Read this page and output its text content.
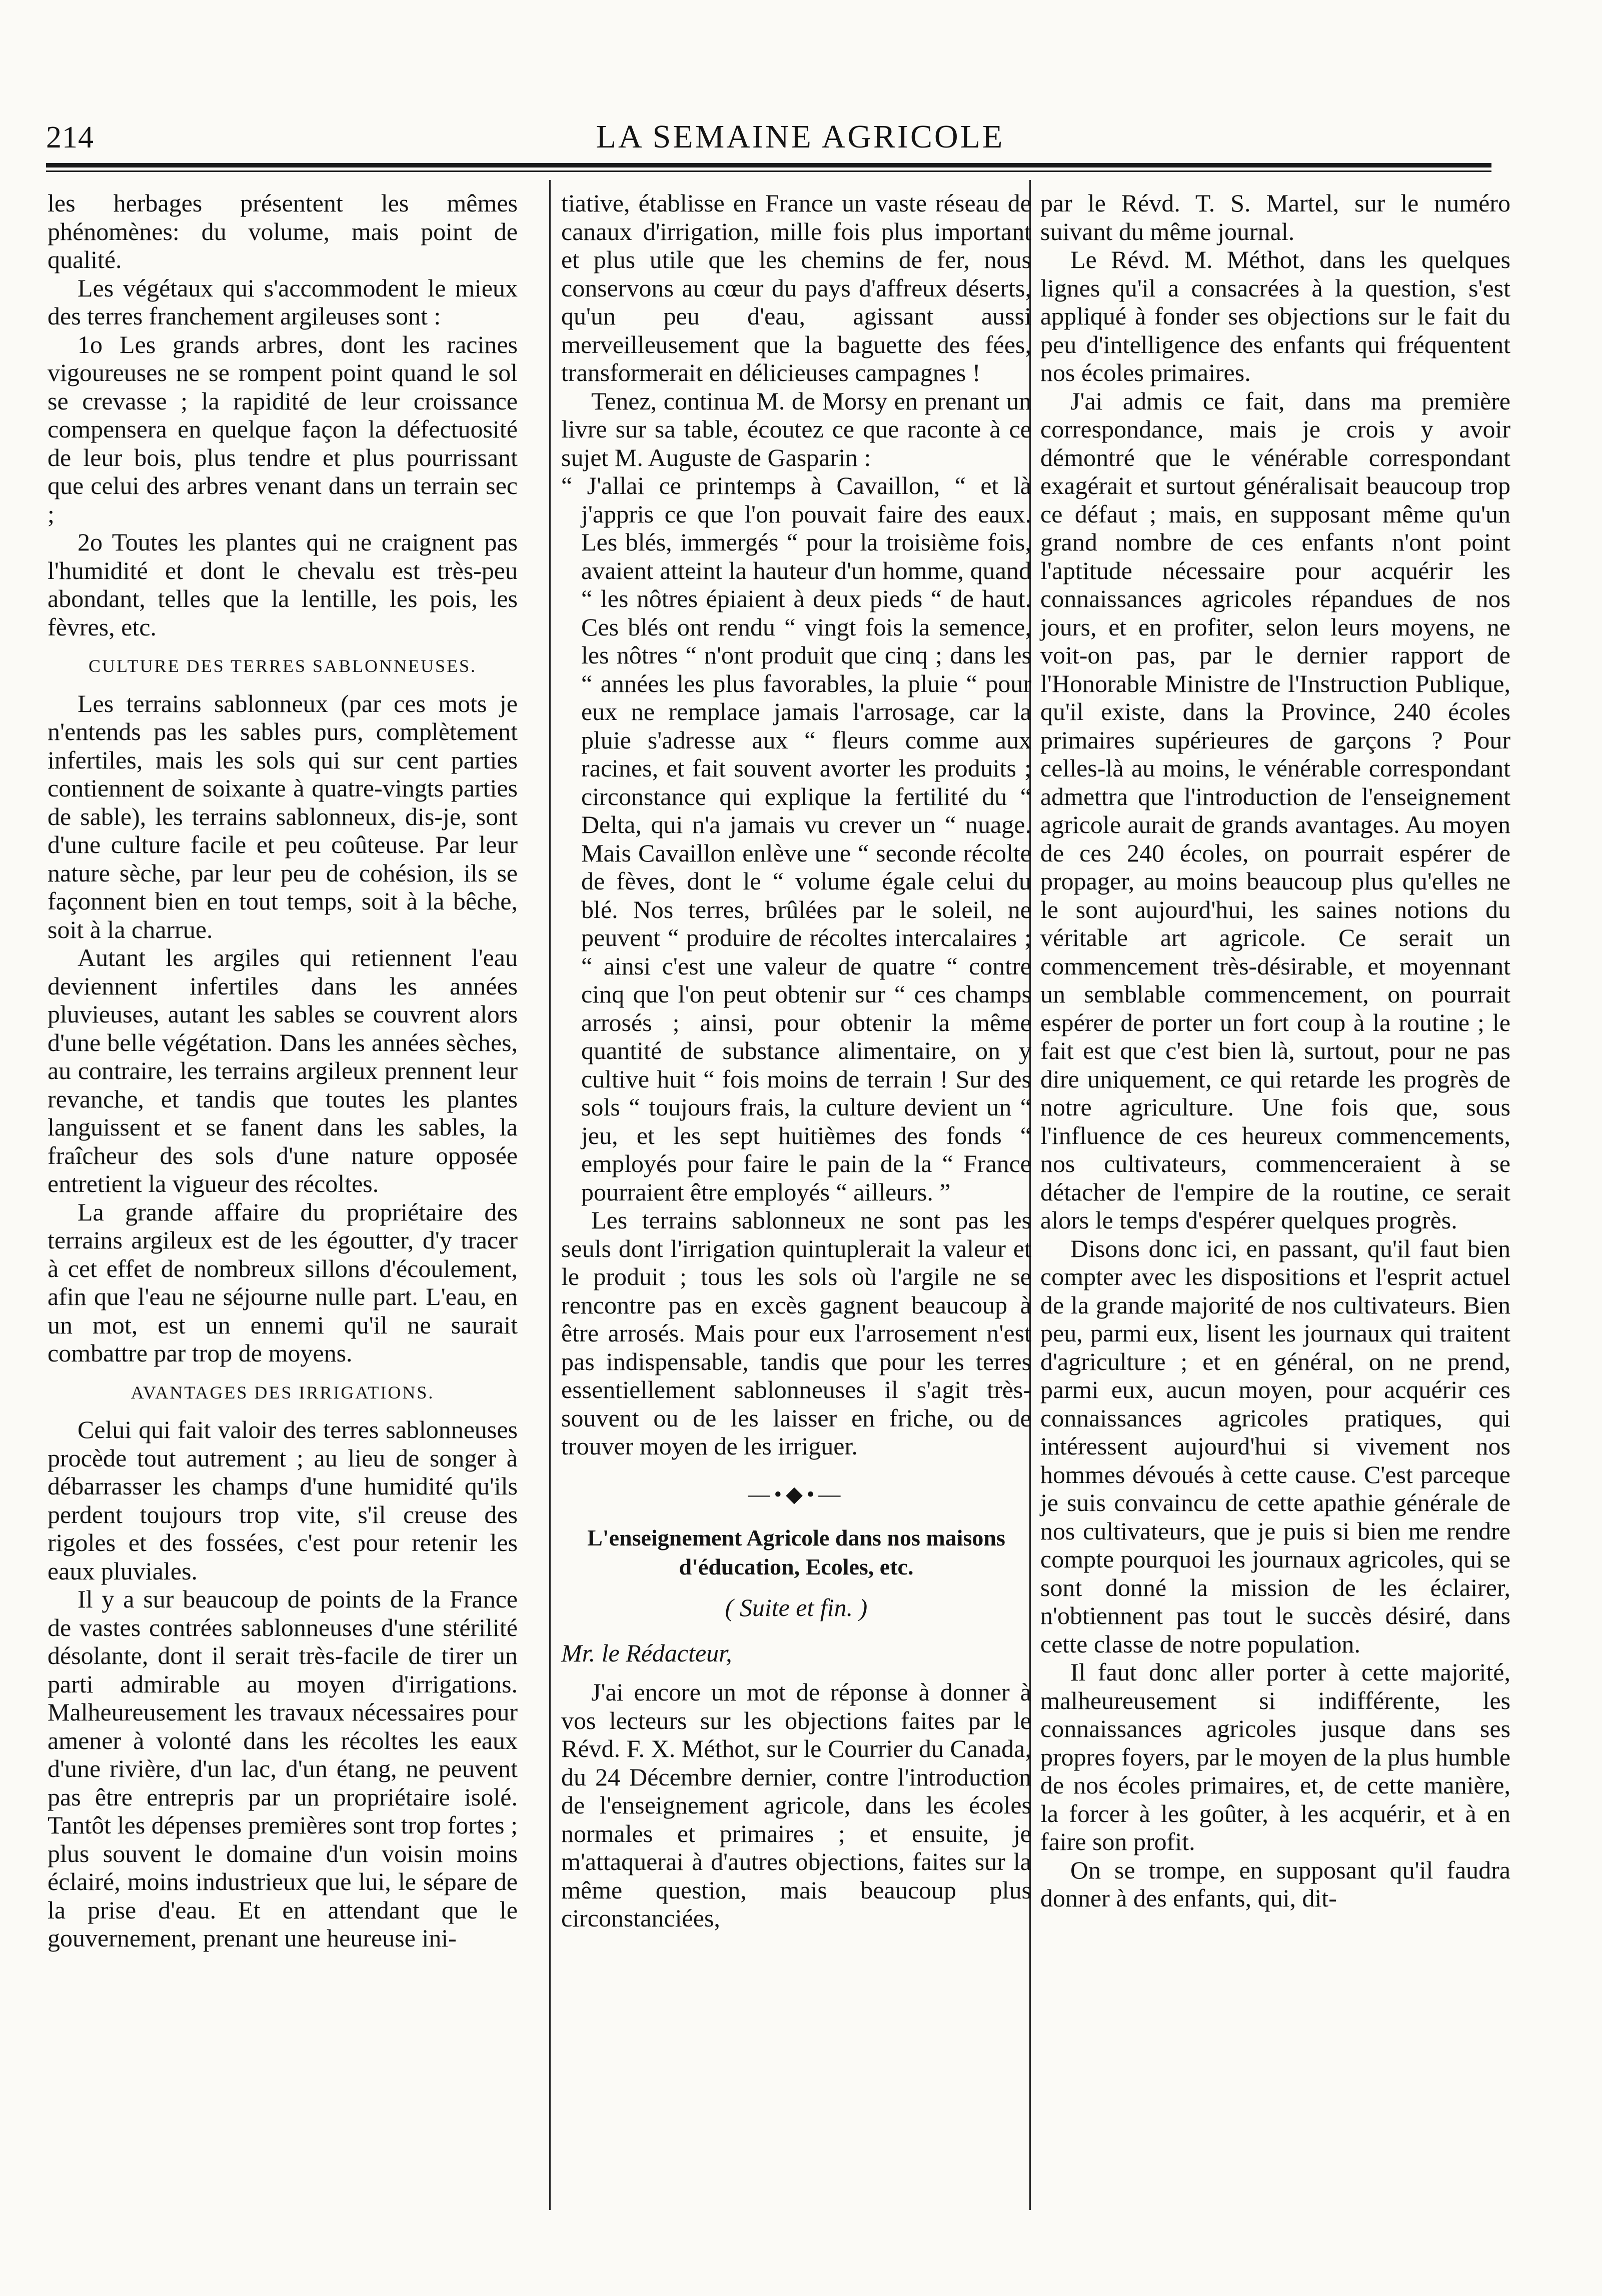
214	LA SEMAINE AGRICOLE

les herbages présentent les mêmes phénomènes: du volume, mais point de qualité.

Les végétaux qui s'accommodent le mieux des terres franchement argileuses sont :

1o Les grands arbres, dont les racines vigoureuses ne se rompent point quand le sol se crevasse ; la rapidité de leur croissance compensera en quelque façon la défectuosité de leur bois, plus tendre et plus pourrissant que celui des arbres venant dans un terrain sec ;

2o Toutes les plantes qui ne craignent pas l'humidité et dont le chevalu est très-peu abondant, telles que la lentille, les pois, les fèvres, etc.

CULTURE DES TERRES SABLONNEUSES.

Les terrains sablonneux (par ces mots je n'entends pas les sables purs, complètement infertiles, mais les sols qui sur cent parties contiennent de soixante à quatre-vingts parties de sable), les terrains sablonneux, dis-je, sont d'une culture facile et peu coûteuse. Par leur nature sèche, par leur peu de cohésion, ils se façonnent bien en tout temps, soit à la bêche, soit à la charrue.

Autant les argiles qui retiennent l'eau deviennent infertiles dans les années pluvieuses, autant les sables se couvrent alors d'une belle végétation. Dans les années sèches, au contraire, les terrains argileux prennent leur revanche, et tandis que toutes les plantes languissent et se fanent dans les sables, la fraîcheur des sols d'une nature opposée entretient la vigueur des récoltes.

La grande affaire du propriétaire des terrains argileux est de les égoutter, d'y tracer à cet effet de nombreux sillons d'écoulement, afin que l'eau ne séjourne nulle part. L'eau, en un mot, est un ennemi qu'il ne saurait combattre par trop de moyens.

AVANTAGES DES IRRIGATIONS.

Celui qui fait valoir des terres sablonneuses procède tout autrement ; au lieu de songer à débarrasser les champs d'une humidité qu'ils perdent toujours trop vite, s'il creuse des rigoles et des fossées, c'est pour retenir les eaux pluviales.

Il y a sur beaucoup de points de la France de vastes contrées sablonneuses d'une stérilité désolante, dont il serait très-facile de tirer un parti admirable au moyen d'irrigations. Malheureusement les travaux nécessaires pour amener à volonté dans les récoltes les eaux d'une rivière, d'un lac, d'un étang, ne peuvent pas être entrepris par un propriétaire isolé. Tantôt les dépenses premières sont trop fortes ; plus souvent le domaine d'un voisin moins éclairé, moins industrieux que lui, le sépare de la prise d'eau. Et en attendant que le gouvernement, prenant une heureuse ini-

tiative, établisse en France un vaste réseau de canaux d'irrigation, mille fois plus important et plus utile que les chemins de fer, nous conservons au cœur du pays d'affreux déserts, qu'un peu d'eau, agissant aussi merveilleusement que la baguette des fées, transformerait en délicieuses campagnes !

Tenez, continua M. de Morsy en prenant un livre sur sa table, écoutez ce que raconte à ce sujet M. Auguste de Gasparin :

“ J'allai ce printemps à Cavaillon, “ et là j'appris ce que l'on pouvait faire des eaux. Les blés, immergés “ pour la troisième fois, avaient atteint la hauteur d'un homme, quand “ les nôtres épiaient à deux pieds “ de haut. Ces blés ont rendu “ vingt fois la semence, les nôtres “ n'ont produit que cinq ; dans les “ années les plus favorables, la pluie “ pour eux ne remplace jamais l'arrosage, car la pluie s'adresse aux “ fleurs comme aux racines, et fait souvent avorter les produits ; circonstance qui explique la fertilité du “ Delta, qui n'a jamais vu crever un “ nuage. Mais Cavaillon enlève une “ seconde récolte de fèves, dont le “ volume égale celui du blé. Nos terres, brûlées par le soleil, ne peuvent “ produire de récoltes intercalaires ; “ ainsi c'est une valeur de quatre “ contre cinq que l'on peut obtenir sur “ ces champs arrosés ; ainsi, pour obtenir la même quantité de substance alimentaire, on y cultive huit “ fois moins de terrain ! Sur des sols “ toujours frais, la culture devient un “ jeu, et les sept huitièmes des fonds “ employés pour faire le pain de la “ France pourraient être employés “ ailleurs. ”

Les terrains sablonneux ne sont pas les seuls dont l'irrigation quintuplerait la valeur et le produit ; tous les sols où l'argile ne se rencontre pas en excès gagnent beaucoup à être arrosés. Mais pour eux l'arrosement n'est pas indispensable, tandis que pour les terres essentiellement sablonneuses il s'agit très-souvent ou de les laisser en friche, ou de trouver moyen de les irriguer.

—•◆•—
L'enseignement Agricole dans nos maisons d'éducation, Ecoles, etc.
( Suite et fin. )
Mr. le Rédacteur,

J'ai encore un mot de réponse à donner à vos lecteurs sur les objections faites par le Révd. F. X. Méthot, sur le Courrier du Canada, du 24 Décembre dernier, contre l'introduction de l'enseignement agricole, dans les écoles normales et primaires ; et ensuite, je m'attaquerai à d'autres objections, faites sur la même question, mais beaucoup plus circonstanciées,

par le Révd. T. S. Martel, sur le numéro suivant du même journal.

Le Révd. M. Méthot, dans les quelques lignes qu'il a consacrées à la question, s'est appliqué à fonder ses objections sur le fait du peu d'intelligence des enfants qui fréquentent nos écoles primaires.

J'ai admis ce fait, dans ma première correspondance, mais je crois y avoir démontré que le vénérable correspondant exagérait et surtout généralisait beaucoup trop ce défaut ; mais, en supposant même qu'un grand nombre de ces enfants n'ont point l'aptitude nécessaire pour acquérir les connaissances agricoles répandues de nos jours, et en profiter, selon leurs moyens, ne voit-on pas, par le dernier rapport de l'Honorable Ministre de l'Instruction Publique, qu'il existe, dans la Province, 240 écoles primaires supérieures de garçons ? Pour celles-là au moins, le vénérable correspondant admettra que l'introduction de l'enseignement agricole aurait de grands avantages. Au moyen de ces 240 écoles, on pourrait espérer de propager, au moins beaucoup plus qu'elles ne le sont aujourd'hui, les saines notions du véritable art agricole. Ce serait un commencement très-désirable, et moyennant un semblable commencement, on pourrait espérer de porter un fort coup à la routine ; le fait est que c'est bien là, surtout, pour ne pas dire uniquement, ce qui retarde les progrès de notre agriculture. Une fois que, sous l'influence de ces heureux commencements, nos cultivateurs, commenceraient à se détacher de l'empire de la routine, ce serait alors le temps d'espérer quelques progrès.

Disons donc ici, en passant, qu'il faut bien compter avec les dispositions et l'esprit actuel de la grande majorité de nos cultivateurs. Bien peu, parmi eux, lisent les journaux qui traitent d'agriculture ; et en général, on ne prend, parmi eux, aucun moyen, pour acquérir ces connaissances agricoles pratiques, qui intéressent aujourd'hui si vivement nos hommes dévoués à cette cause. C'est parceque je suis convaincu de cette apathie générale de nos cultivateurs, que je puis si bien me rendre compte pourquoi les journaux agricoles, qui se sont donné la mission de les éclairer, n'obtiennent pas tout le succès désiré, dans cette classe de notre population.

Il faut donc aller porter à cette majorité, malheureusement si indifférente, les connaissances agricoles jusque dans ses propres foyers, par le moyen de la plus humble de nos écoles primaires, et, de cette manière, la forcer à les goûter, à les acquérir, et à en faire son profit.

On se trompe, en supposant qu'il faudra donner à des enfants, qui, dit-
